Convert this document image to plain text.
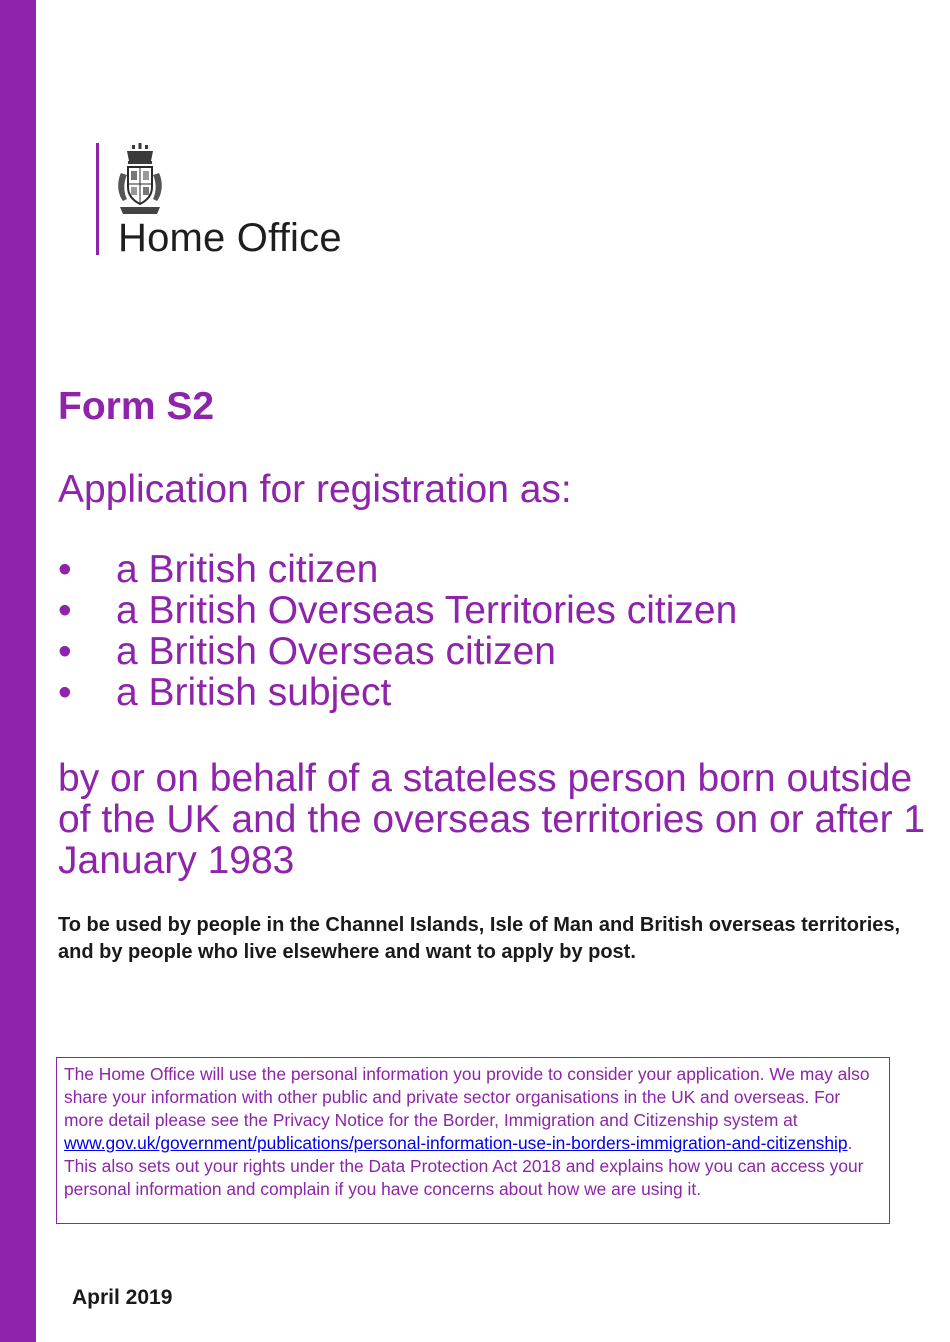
Home Office
Form S2
Application for registration as:
• a British citizen
• a British Overseas Territories citizen
• a British Overseas citizen
• a British subject
by or on behalf of a stateless person born outside of the UK and the overseas territories on or after 1 January 1983
To be used by people in the Channel Islands, Isle of Man and British overseas territories, and by people who live elsewhere and want to apply by post.
The Home Office will use the personal information you provide to consider your application. We may also share your information with other public and private sector organisations in the UK and overseas. For more detail please see the Privacy Notice for the Border, Immigration and Citizenship system at www.gov.uk/government/publications/personal-information-use-in-borders-immigration-and-citizenship. This also sets out your rights under the Data Protection Act 2018 and explains how you can access your personal information and complain if you have concerns about how we are using it.
April 2019
